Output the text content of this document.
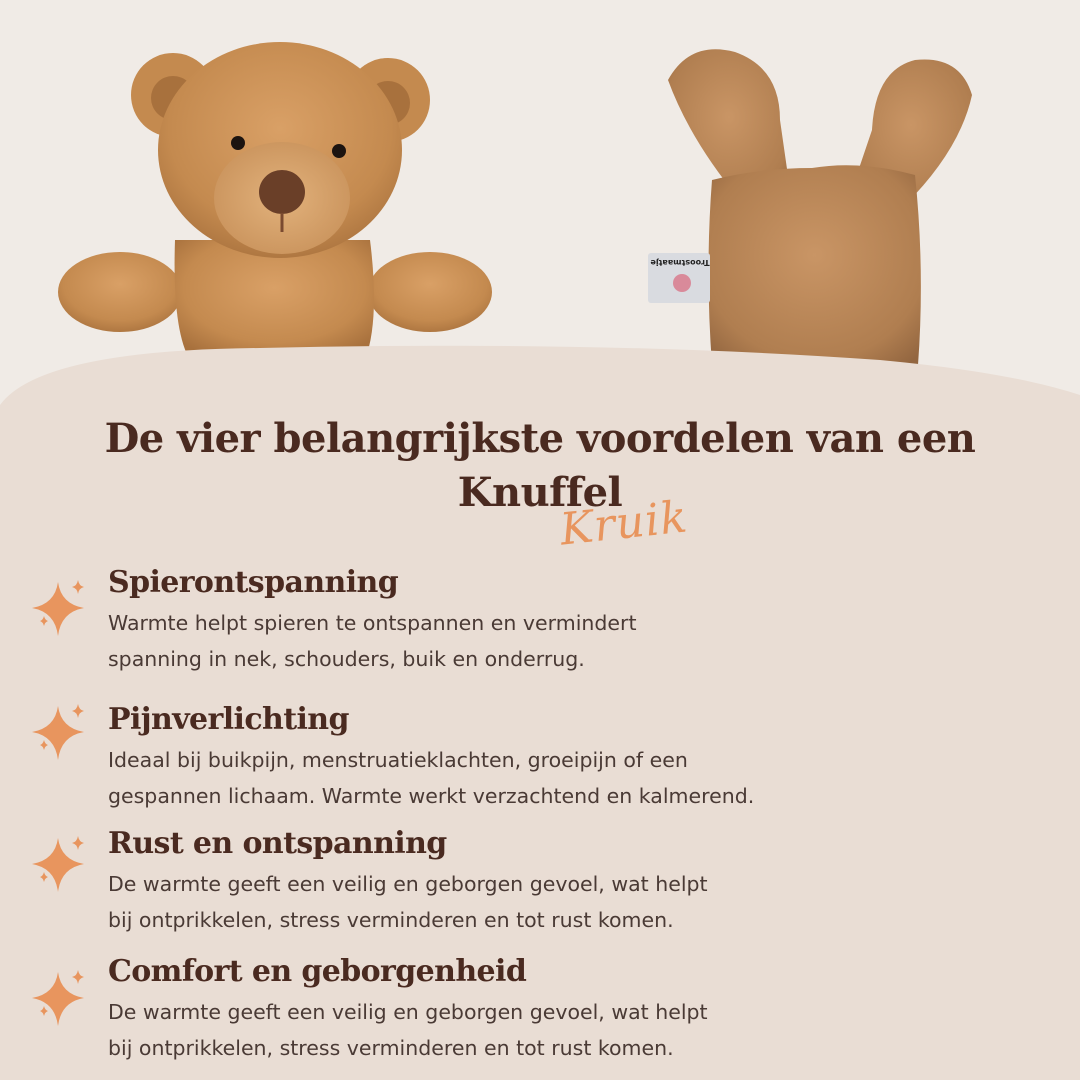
Troostmaatje
De vier belangrijkste voordelen van een
Knuffel
Kruik
Spierontspanning

Warmte helpt spieren te ontspannen en vermindert
spanning in nek, schouders, buik en onderrug.

Pijnverlichting

Ideaal bij buikpijn, menstruatieklachten, groeipijn of een
gespannen lichaam. Warmte werkt verzachtend en kalmerend.

Rust en ontspanning

De warmte geeft een veilig en geborgen gevoel, wat helpt
bij ontprikkelen, stress verminderen en tot rust komen.

Comfort en geborgenheid

De warmte geeft een veilig en geborgen gevoel, wat helpt
bij ontprikkelen, stress verminderen en tot rust komen.
